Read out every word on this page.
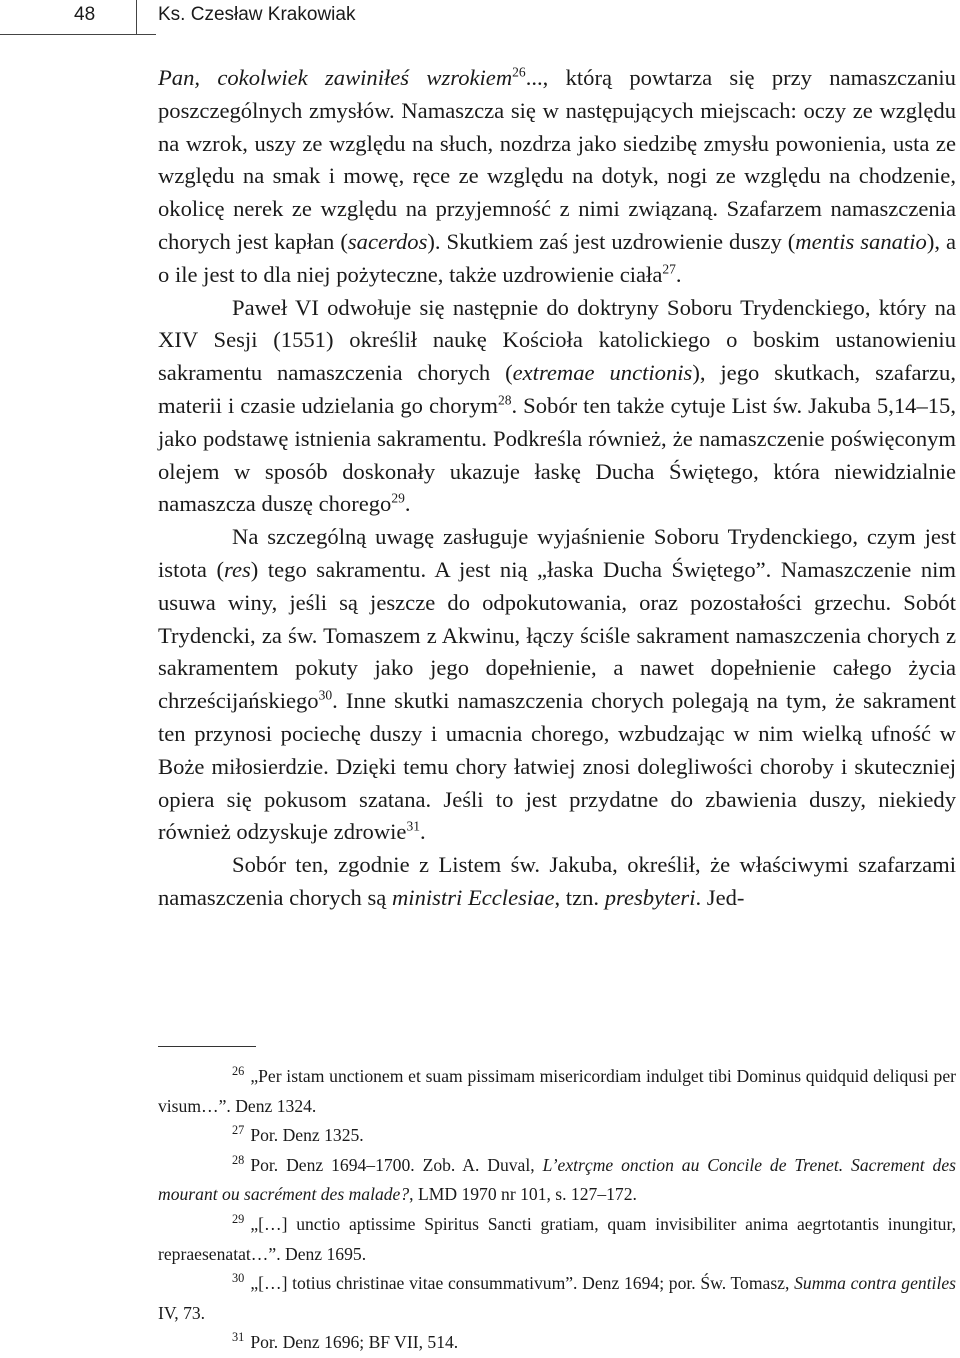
48	Ks. Czesław Krakowiak

Pan, cokolwiek zawiniłeś wzrokiem$^{26}$..., którą powtarza się przy namaszczaniu poszczególnych zmysłów. Namaszcza się w następujących miejscach: oczy ze względu na wzrok, uszy ze względu na słuch, nozdrza jako siedzibę zmysłu powonienia, usta ze względu na smak i mowę, ręce ze względu na dotyk, nogi ze względu na chodzenie, okolicę nerek ze względu na przyjemność z nimi związaną. Szafarzem namaszczenia chorych jest kapłan (sacerdos). Skutkiem zaś jest uzdrowienie duszy (mentis sanatio), a o ile jest to dla niej pożyteczne, także uzdrowienie ciała$^{27}$.

Paweł VI odwołuje się następnie do doktryny Soboru Trydenckiego, który na XIV Sesji (1551) określił naukę Kościoła katolickiego o boskim ustanowieniu sakramentu namaszczenia chorych (extremae unctionis), jego skutkach, szafarzu, materii i czasie udzielania go chorym$^{28}$. Sobór ten także cytuje List św. Jakuba 5,14–15, jako podstawę istnienia sakramentu. Podkreśla również, że namaszczenie poświęconym olejem w sposób doskonały ukazuje łaskę Ducha Świętego, która niewidzialnie namaszcza duszę chorego$^{29}$.

Na szczególną uwagę zasługuje wyjaśnienie Soboru Trydenckiego, czym jest istota (res) tego sakramentu. A jest nią „łaska Ducha Świętego”. Namaszczenie nim usuwa winy, jeśli są jeszcze do odpokutowania, oraz pozostałości grzechu. Sobót Trydencki, za św. Tomaszem z Akwinu, łączy ściśle sakrament namaszczenia chorych z sakramentem pokuty jako jego dopełnienie, a nawet dopełnienie całego życia chrześcijańskiego$^{30}$. Inne skutki namaszczenia chorych polegają na tym, że sakrament ten przynosi pociechę duszy i umacnia chorego, wzbudzając w nim wielką ufność w Boże miłosierdzie. Dzięki temu chory łatwiej znosi dolegliwości choroby i skuteczniej opiera się pokusom szatana. Jeśli to jest przydatne do zbawienia duszy, niekiedy również odzyskuje zdrowie$^{31}$.

Sobór ten, zgodnie z Listem św. Jakuba, określił, że właściwymi szafarzami namaszczenia chorych są ministri Ecclesiae, tzn. presbyteri. Jed-

$^{26}$ „Per istam unctionem et suam pissimam misericordiam indulget tibi Dominus quidquid deliqusi per visum…”. Denz 1324.

$^{27}$ Por. Denz 1325.

$^{28}$ Por. Denz 1694–1700. Zob. A. Duval, L’extrçme onction au Concile de Trenet. Sacrement des mourant ou sacrément des malade?, LMD 1970 nr 101, s. 127–172.

$^{29}$ „[…] unctio aptissime Spiritus Sancti gratiam, quam invisibiliter anima aegrtotantis inungitur, repraesenatat…”. Denz 1695.

$^{30}$ „[…] totius christinae vitae consummativum”. Denz 1694; por. Św. Tomasz, Summa contra gentiles IV, 73.

$^{31}$ Por. Denz 1696; BF VII, 514.
